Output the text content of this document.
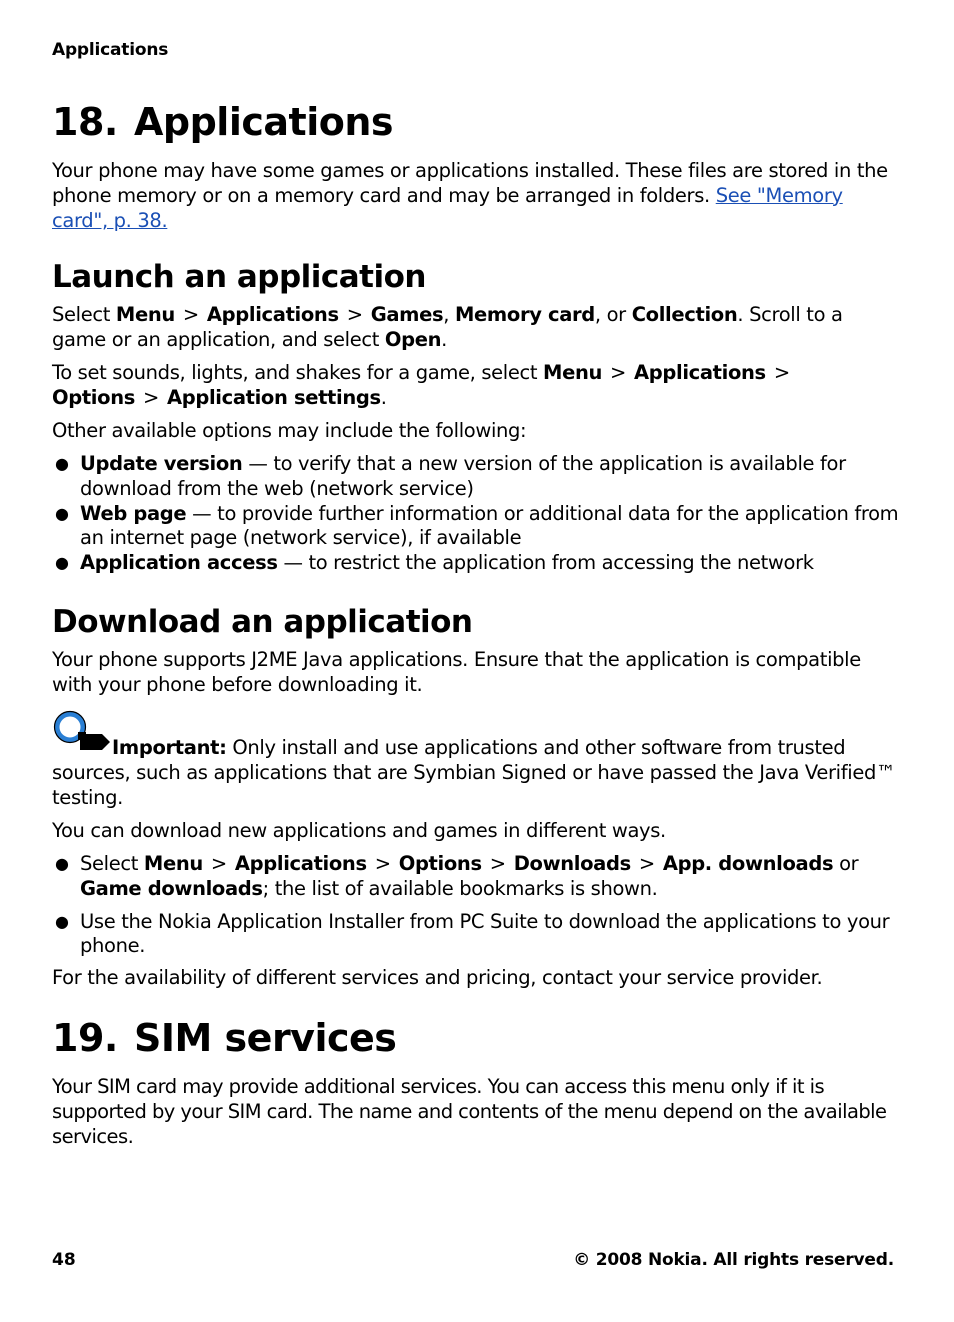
Applications
18. Applications

Your phone may have some games or applications installed. These files are stored in the phone memory or on a memory card and may be arranged in folders. See "Memory card", p. 38.

Launch an application

Select Menu > Applications > Games, Memory card, or Collection. Scroll to a game or an application, and select Open.

To set sounds, lights, and shakes for a game, select Menu > Applications >
Options > Application settings.

Other available options may include the following:

● Update version — to verify that a new version of the application is available for download from the web (network service)
● Web page — to provide further information or additional data for the application from an internet page (network service), if available
● Application access — to restrict the application from accessing the network
Download an application

Your phone supports J2ME Java applications. Ensure that the application is compatible with your phone before downloading it.

Important: Only install and use applications and other software from trusted sources, such as applications that are Symbian Signed or have passed the Java Verified™ testing.

You can download new applications and games in different ways.

● Select Menu > Applications > Options > Downloads > App. downloads or Game downloads; the list of available bookmarks is shown.
● Use the Nokia Application Installer from PC Suite to download the applications to your phone.

For the availability of different services and pricing, contact your service provider.

19. SIM services

Your SIM card may provide additional services. You can access this menu only if it is supported by your SIM card. The name and contents of the menu depend on the available services.

48	© 2008 Nokia. All rights reserved.
